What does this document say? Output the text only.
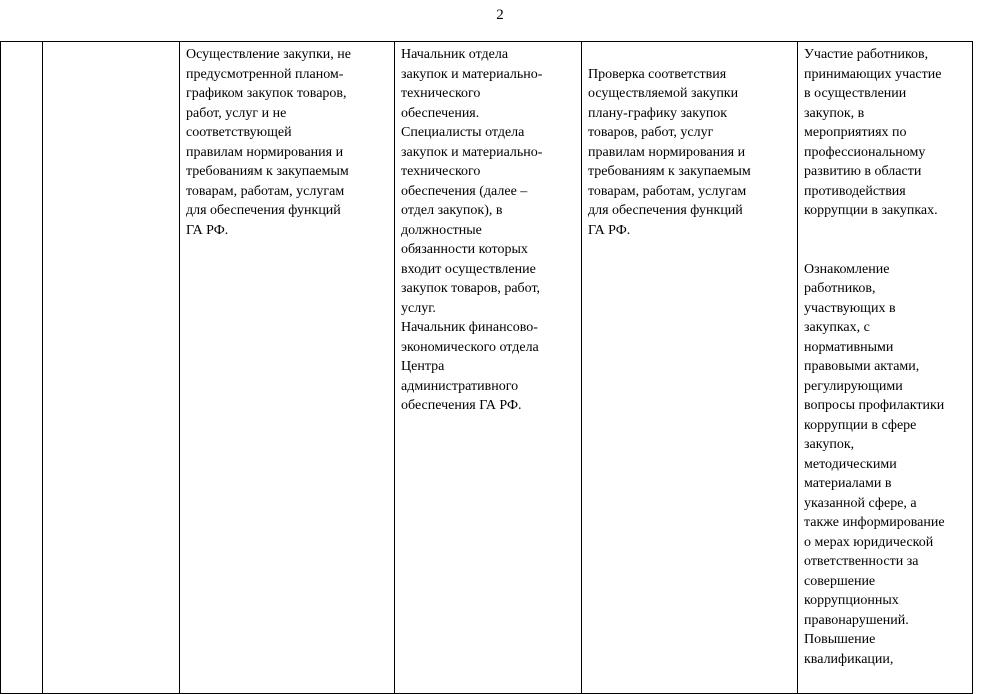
2

Осуществление закупки, не
предусмотренной планом-
графиком закупок товаров,
работ, услуг и не
соответствующей
правилам нормирования и
требованиям к закупаемым
товарам, работам, услугам
для обеспечения функций
ГА РФ.

Начальник отдела
закупок и материально-
технического
обеспечения.
Специалисты отдела
закупок и материально-
технического
обеспечения (далее –
отдел закупок), в
должностные
обязанности которых
входит осуществление
закупок товаров, работ,
услуг.
Начальник финансово-
экономического отдела
Центра
административного
обеспечения ГА РФ.

Проверка соответствия
осуществляемой закупки
плану-графику закупок
товаров, работ, услуг
правилам нормирования и
требованиям к закупаемым
товарам, работам, услугам
для обеспечения функций
ГА РФ.

Участие работников,
принимающих участие
в осуществлении
закупок, в
мероприятиях по
профессиональному
развитию в области
противодействия
коррупции в закупках.
Ознакомление
работников,
участвующих в
закупках, с
нормативными
правовыми актами,
регулирующими
вопросы профилактики
коррупции в сфере
закупок,
методическими
материалами в
указанной сфере, а
также информирование
о мерах юридической
ответственности за
совершение
коррупционных
правонарушений.
Повышение
квалификации,
